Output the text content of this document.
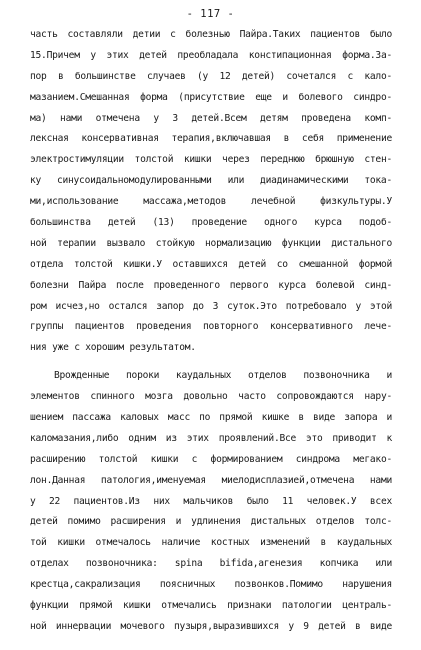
- 117 -
часть составляли детии с болезнью Пайра.Таких пациентов было
15.Причем у этих детей преобладала констипационная форма.За-
пор в большинстве случаев (у 12 детей) сочетался с кало-
мазанием.Смешанная форма (присутствие еще и болевого синдро-
ма) нами отмечена у 3 детей.Всем детям проведена комп-
лексная консервативная терапия,включавшая в себя применение
электростимуляции толстой кишки через переднюю брюшную стен-
ку синусоидальномодулированными или диадинамическими тока-
ми,использование массажа,методов лечебной физкультуры.У
большинства детей (13) проведение одного курса подоб-
ной терапии вызвало стойкую нормализацию функции дистального
отдела толстой кишки.У оставшихся детей со смешанной формой
болезни Пайра после проведенного первого курса болевой синд-
ром исчез,но остался запор до 3 суток.Это потребовало у этой
группы пациентов проведения повторного консервативного лече-
ния уже с хорошим результатом.
Врожденные пороки каудальных отделов позвоночника и
элементов спинного мозга довольно часто сопровождаются нару-
шением пассажа каловых масс по прямой кишке в виде запора и
каломазания,либо одним из этих проявлений.Все это приводит к
расширению толстой кишки с формированием синдрома мегако-
лон.Данная патология,именуемая миелодисплазией,отмечена нами
у 22 пациентов.Из них мальчиков было 11 человек.У всех
детей помимо расширения и удлинения дистальных отделов толс-
той кишки отмечалось наличие костных изменений в каудальных
отделах позвоночника: spina bifida,агенезия копчика или
крестца,сакрализация поясничных позвонков.Помимо нарушения
функции прямой кишки отмечались признаки патологии централь-
ной иннервации мочевого пузыря,выразившихся у 9 детей в виде
